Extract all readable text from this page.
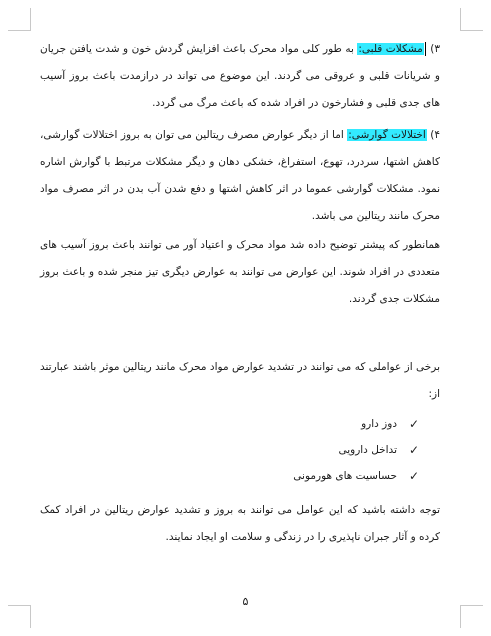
۳) مشکلات قلبی: به طور کلی مواد محرک باعث افزایش گردش خون و شدت یافتن جریان و شریانات قلبی و عروقی می گردند. این موضوع می تواند در درازمدت باعث بروز آسیب های جدی قلبی و فشارخون در افراد شده که باعث مرگ می گردد.
۴) اختلالات گوارشی: اما از دیگر عوارض مصرف ریتالین می توان به بروز اختلالات گوارشی، کاهش اشتها، سردرد، تهوع، استفراغ، خشکی دهان و دیگر مشکلات مرتبط با گوارش اشاره نمود. مشکلات گوارشی عموما در اثر کاهش اشتها و دفع شدن آب بدن در اثر مصرف مواد محرک مانند ریتالین می باشد.
همانطور که پیشتر توضیح داده شد مواد محرک و اعتیاد آور می توانند باعث بروز آسیب های متعددی در افراد شوند. این عوارض می توانند به عوارض دیگری تیز منجر شده و باعث بروز مشکلات جدی گردند.
برخی از عواملی که می توانند در تشدید عوارض مواد محرک مانند ریتالین موثر باشند عبارتند از:
✓
دوز دارو
✓
تداخل دارویی
✓
حساسیت های هورمونی
توجه داشته باشید که این عوامل می توانند به بروز و تشدید عوارض ریتالین در افراد کمک کرده و آثار جبران ناپذیری را در زندگی و سلامت او ایجاد نمایند.
۵
